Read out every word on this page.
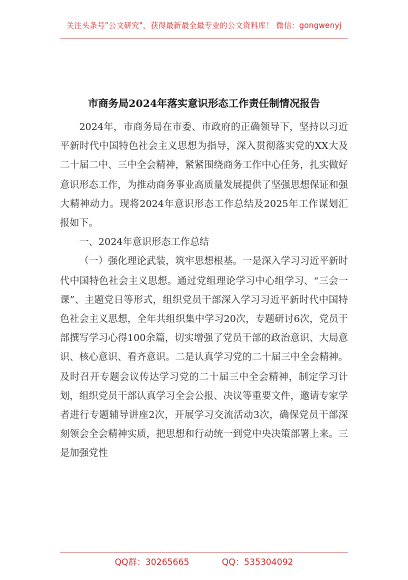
关注头条号"公文研究"，获得最新最全最专业的公文资料库！ 微信：gongwenyj
市商务局2024年落实意识形态工作责任制情况报告

2024年，市商务局在市委、市政府的正确领导下，坚持以习近平新时代中国特色社会主义思想为指导，深入贯彻落实党的XX大及二十届二中、三中全会精神，紧紧围绕商务工作中心任务，扎实做好意识形态工作，为推动商务事业高质量发展提供了坚强思想保证和强大精神动力。现将2024年意识形态工作总结及2025年工作谋划汇报如下。

一、2024年意识形态工作总结

（一）强化理论武装，筑牢思想根基。一是深入学习习近平新时代中国特色社会主义思想。通过党组理论学习中心组学习、“三会一课”、主题党日等形式，组织党员干部深入学习习近平新时代中国特色社会主义思想，全年共组织集中学习20次，专题研讨6次，党员干部撰写学习心得100余篇，切实增强了党员干部的政治意识、大局意识、核心意识、看齐意识。二是认真学习党的二十届三中全会精神。及时召开专题会议传达学习党的二十届三中全会精神，制定学习计划，组织党员干部认真学习全会公报、决议等重要文件，邀请专家学者进行专题辅导讲座2次，开展学习交流活动3次，确保党员干部深刻领会全会精神实质，把思想和行动统一到党中央决策部署上来。三是加强党性

QQ群：30265665	QQ：535304092
